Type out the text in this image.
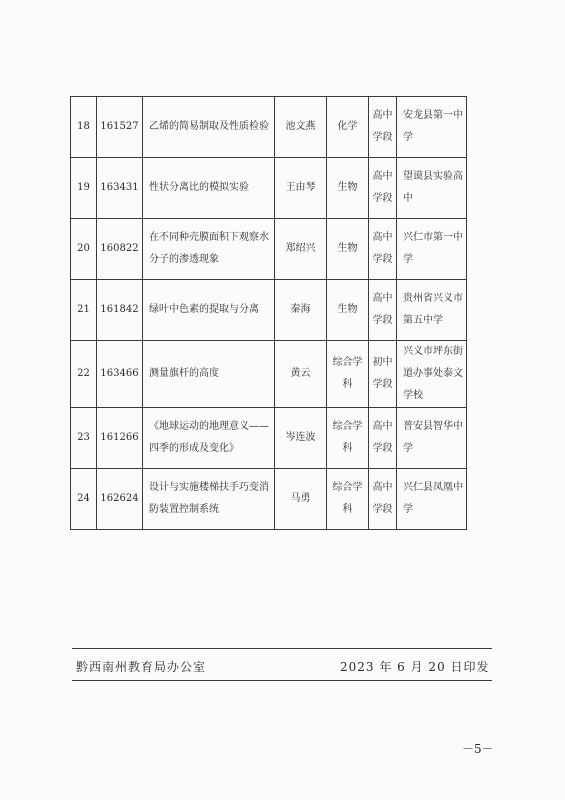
18	161527	乙烯的简易制取及性质检验	池文燕	化学	高中学段	安龙县第一中学
19	163431	性状分离比的模拟实验	王由琴	生物	高中学段	望谟县实验高中
20	160822	在不同种壳膜面积下观察水分子的渗透现象	郑绍兴	生物	高中学段	兴仁市第一中学
21	161842	绿叶中色素的提取与分离	秦海	生物	高中学段	贵州省兴义市第五中学
22	163466	测量旗杆的高度	黄云	综合学科	初中学段	兴义市坪东街道办事处泰文学校
23	161266	《地球运动的地理意义——四季的形成及变化》	岑连波	综合学科	高中学段	普安县智华中学
24	162624	设计与实施楼梯扶手巧变消防装置控制系统	马勇	综合学科	高中学段	兴仁县凤凰中学
黔西南州教育局办公室	2023 年 6 月 20 日印发
－5－
